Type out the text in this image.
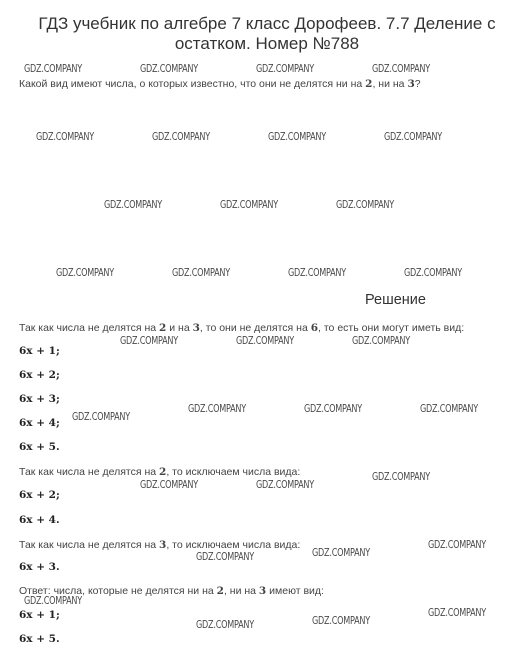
ГДЗ учебник по алгебре 7 класс Дорофеев. 7.7 Деление с
остатком. Номер №788
GDZ.COMPANY	GDZ.COMPANY	GDZ.COMPANY	GDZ.COMPANY
GDZ.COMPANY	GDZ.COMPANY	GDZ.COMPANY	GDZ.COMPANY
GDZ.COMPANY	GDZ.COMPANY	GDZ.COMPANY
GDZ.COMPANY	GDZ.COMPANY	GDZ.COMPANY	GDZ.COMPANY
GDZ.COMPANY	GDZ.COMPANY	GDZ.COMPANY
GDZ.COMPANY	GDZ.COMPANY	GDZ.COMPANY
GDZ.COMPANY
GDZ.COMPANY	GDZ.COMPANY
GDZ.COMPANY
GDZ.COMPANY	GDZ.COMPANY
GDZ.COMPANY
GDZ.COMPANY
GDZ.COMPANY	GDZ.COMPANY
GDZ.COMPANY
Какой вид имеют числа, о которых известно, что они не делятся ни на 2, ни на 3?
Решение
Так как числа не делятся на 2 и на 3, то они не делятся на 6, то есть они могут иметь вид:
6x + 1;
6x + 2;
6x + 3;
6x + 4;
6x + 5.
Так как числа не делятся на 2, то исключаем числа вида:
6x + 2;
6x + 4.
Так как числа не делятся на 3, то исключаем числа вида:
6x + 3.
Ответ: числа, которые не делятся ни на 2, ни на 3 имеют вид:
6x + 1;
6x + 5.
